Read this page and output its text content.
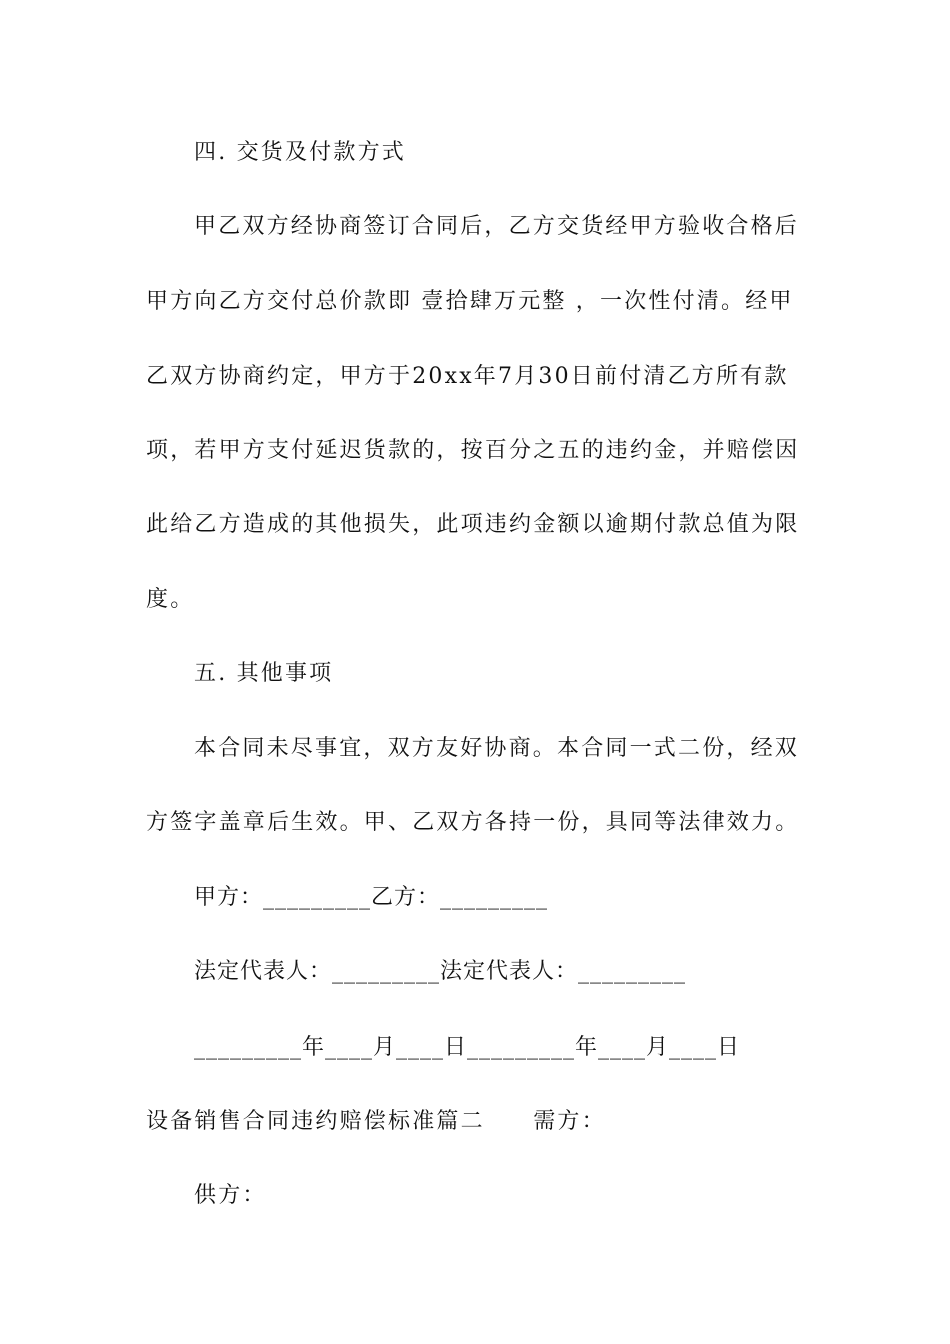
四. 交货及付款方式
甲乙双方经协商签订合同后，乙方交货经甲方验收合格后
甲方向乙方交付总价款即 壹拾肆万元整 ，一次性付清。经甲
乙双方协商约定，甲方于20xx年7月30日前付清乙方所有款
项，若甲方支付延迟货款的，按百分之五的违约金，并赔偿因
此给乙方造成的其他损失，此项违约金额以逾期付款总值为限
度。
五. 其他事项
本合同未尽事宜，双方友好协商。本合同一式二份，经双
方签字盖章后生效。甲、乙双方各持一份，具同等法律效力。
甲方：_________乙方：_________
法定代表人：_________法定代表人：_________
_________年____月____日_________年____月____日
设备销售合同违约赔偿标准篇二　　需方：
供方：
